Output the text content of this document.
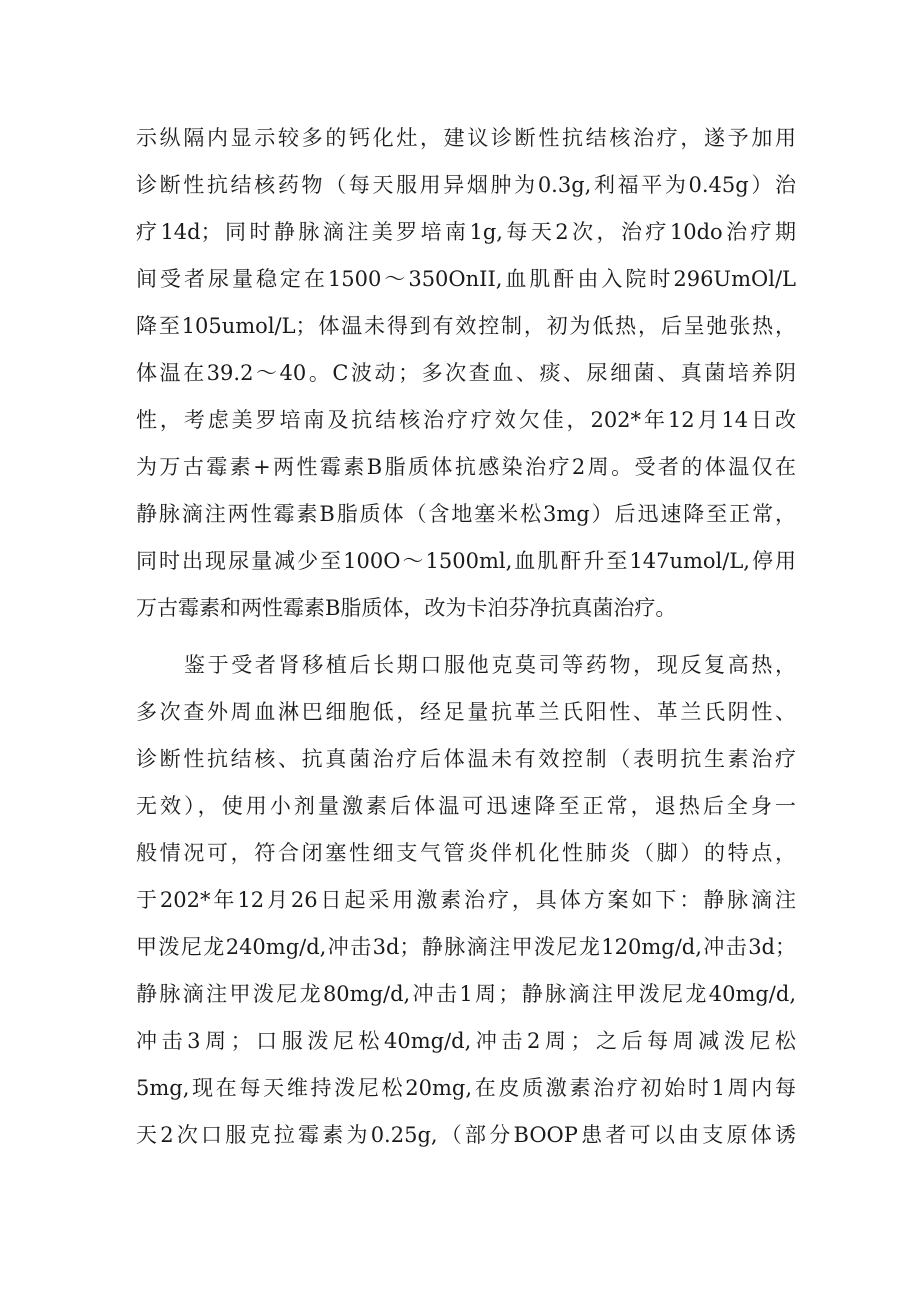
示纵隔内显示较多的钙化灶，建议诊断性抗结核治疗，遂予加用
诊断性抗结核药物（每天服用异烟肿为0.3g,利福平为0.45g）治
疗14d；同时静脉滴注美罗培南1g,每天2次，治疗10do治疗期
间受者尿量稳定在1500～350OnII,血肌酐由入院时296UmOl/L
降至105umol/L；体温未得到有效控制，初为低热，后呈弛张热，
体温在39.2～40。C波动；多次查血、痰、尿细菌、真菌培养阴
性，考虑美罗培南及抗结核治疗疗效欠佳，202*年12月14日改
为万古霉素+两性霉素B脂质体抗感染治疗2周。受者的体温仅在
静脉滴注两性霉素B脂质体（含地塞米松3mg）后迅速降至正常，
同时出现尿量减少至100O～1500ml,血肌酐升至147umol/L,停用
万古霉素和两性霉素B脂质体，改为卡泊芬净抗真菌治疗。
鉴于受者肾移植后长期口服他克莫司等药物，现反复高热，
多次查外周血淋巴细胞低，经足量抗革兰氏阳性、革兰氏阴性、
诊断性抗结核、抗真菌治疗后体温未有效控制（表明抗生素治疗
无效），使用小剂量激素后体温可迅速降至正常，退热后全身一
般情况可，符合闭塞性细支气管炎伴机化性肺炎（脚）的特点，
于202*年12月26日起采用激素治疗，具体方案如下：静脉滴注
甲泼尼龙240mg∕d,冲击3d；静脉滴注甲泼尼龙120mg∕d,冲击3d；
静脉滴注甲泼尼龙80mg∕d,冲击1周；静脉滴注甲泼尼龙40mg∕d,
冲击3周；口服泼尼松40mg∕d,冲击2周；之后每周减泼尼松
5mg,现在每天维持泼尼松20mg,在皮质激素治疗初始时1周内每
天2次口服克拉霉素为0.25g,（部分BOOP患者可以由支原体诱
